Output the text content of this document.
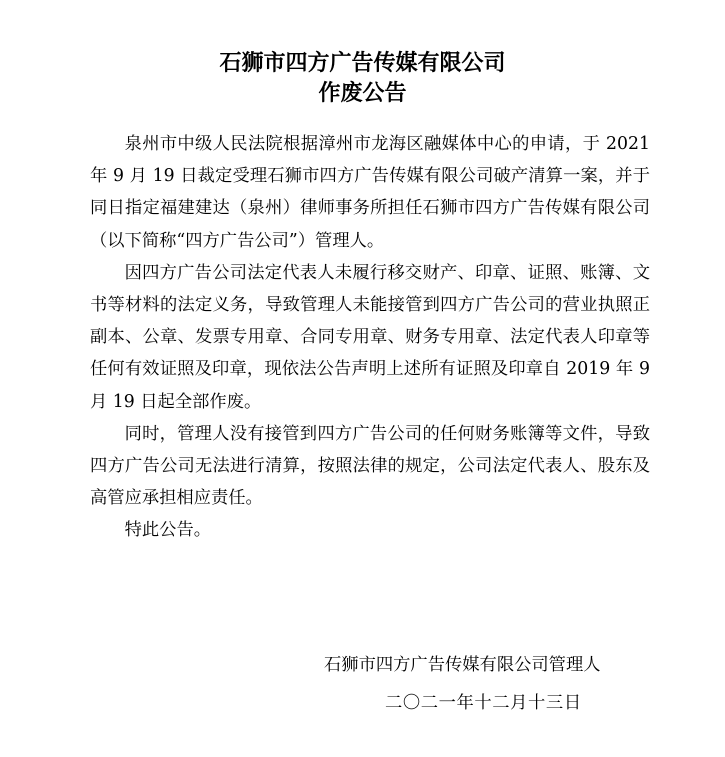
石狮市四方广告传媒有限公司
作废公告

泉州市中级人民法院根据漳州市龙海区融媒体中心的申请，于 2021 年 9 月 19 日裁定受理石狮市四方广告传媒有限公司破产清算一案，并于同日指定福建建达（泉州）律师事务所担任石狮市四方广告传媒有限公司（以下简称“四方广告公司”）管理人。

因四方广告公司法定代表人未履行移交财产、印章、证照、账簿、文书等材料的法定义务，导致管理人未能接管到四方广告公司的营业执照正副本、公章、发票专用章、合同专用章、财务专用章、法定代表人印章等任何有效证照及印章，现依法公告声明上述所有证照及印章自 2019 年 9 月 19 日起全部作废。

同时，管理人没有接管到四方广告公司的任何财务账簿等文件，导致四方广告公司无法进行清算，按照法律的规定，公司法定代表人、股东及高管应承担相应责任。

特此公告。

石狮市四方广告传媒有限公司管理人
二〇二一年十二月十三日
